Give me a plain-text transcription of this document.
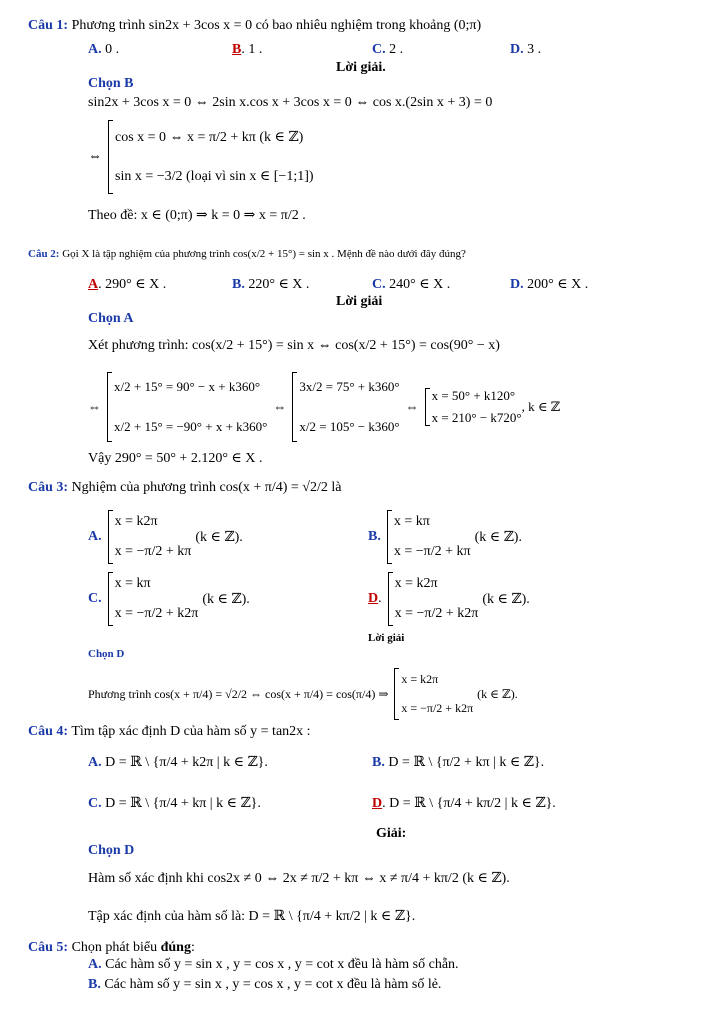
Câu 1: Phương trình sin2x + 3cos x = 0 có bao nhiêu nghiệm trong khoảng (0;π)
A. 0 .	B. 1 .	C. 2 .	D. 3 .
Lời giải.
Chọn B
sin2x + 3cos x = 0 ⇔ 2sin x.cos x + 3cos x = 0 ⇔ cos x.(2sin x + 3) = 0
⇔
cos x = 0 ⇔ x = π/2 + kπ (k ∈ ℤ)
sin x = −3/2 (loại vì sin x ∈ [−1;1])
Theo đề: x ∈ (0;π) ⇒ k = 0 ⇒ x = π/2 .
Câu 2: Gọi X là tập nghiệm của phương trình cos(x/2 + 15°) = sin x . Mệnh đề nào dưới đây đúng?
A. 290° ∈ X .	B. 220° ∈ X .	C. 240° ∈ X .	D. 200° ∈ X .
Lời giải
Chọn A
Xét phương trình: cos(x/2 + 15°) = sin x ⇔ cos(x/2 + 15°) = cos(90° − x)
⇔
x/2 + 15° = 90° − x + k360°
x/2 + 15° = −90° + x + k360°
⇔
3x/2 = 75° + k360°
x/2 = 105° − k360°
⇔
x = 50° + k120°
x = 210° − k720°
, k ∈ ℤ
Vậy 290° = 50° + 2.120° ∈ X .
Câu 3: Nghiệm của phương trình cos(x + π/4) = √2/2 là
A.
x = k2π
x = −π/2 + kπ
(k ∈ ℤ).	B.
x = kπ
x = −π/2 + kπ
(k ∈ ℤ).
C.
x = kπ
x = −π/2 + k2π
(k ∈ ℤ).	D .
x = k2π
x = −π/2 + k2π
(k ∈ ℤ).
Lời giải
Chọn D
Phương trình cos(x + π/4) = √2/2 ⇔ cos(x + π/4) = cos(π/4) ⇒
x = k2π
x = −π/2 + k2π
(k ∈ ℤ).
Câu 4: Tìm tập xác định D của hàm số y = tan2x :
A. D = ℝ \ {π/4 + k2π | k ∈ ℤ}.	B. D = ℝ \ {π/2 + kπ | k ∈ ℤ}.
C. D = ℝ \ {π/4 + kπ | k ∈ ℤ}.	D. D = ℝ \ {π/4 + kπ/2 | k ∈ ℤ}.
Giải:
Chọn D
Hàm số xác định khi cos2x ≠ 0 ⇔ 2x ≠ π/2 + kπ ⇔ x ≠ π/4 + kπ/2 (k ∈ ℤ).
Tập xác định của hàm số là: D = ℝ \ {π/4 + kπ/2 | k ∈ ℤ}.
Câu 5: Chọn phát biểu đúng:
A. Các hàm số y = sin x , y = cos x , y = cot x đều là hàm số chẵn.
B. Các hàm số y = sin x , y = cos x , y = cot x đều là hàm số lẻ.
